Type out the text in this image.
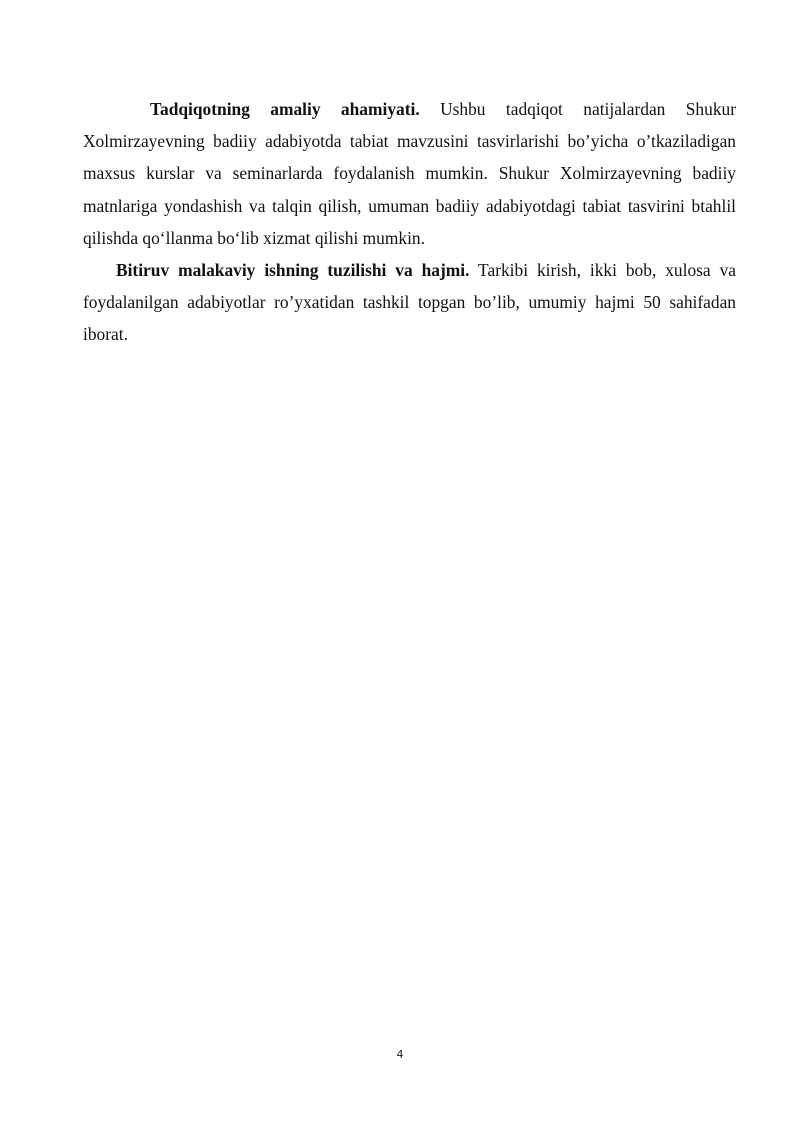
Tadqiqotning amaliy ahamiyati. Ushbu tadqiqot natijalardan Shukur Xolmirzayevning badiiy adabiyotda tabiat mavzusini tasvirlarishi bo’yicha o’tkaziladigan maxsus kurslar va seminarlarda foydalanish mumkin. Shukur Xolmirzayevning badiiy matnlariga yondashish va talqin qilish, umuman badiiy adabiyotdagi tabiat tasvirini btahlil qilishda qo‘llanma bo‘lib xizmat qilishi mumkin.

Bitiruv malakaviy ishning tuzilishi va hajmi. Tarkibi kirish, ikki bob, xulosa va foydalanilgan adabiyotlar ro’yxatidan tashkil topgan bo’lib, umumiy hajmi 50 sahifadan iborat.

4
